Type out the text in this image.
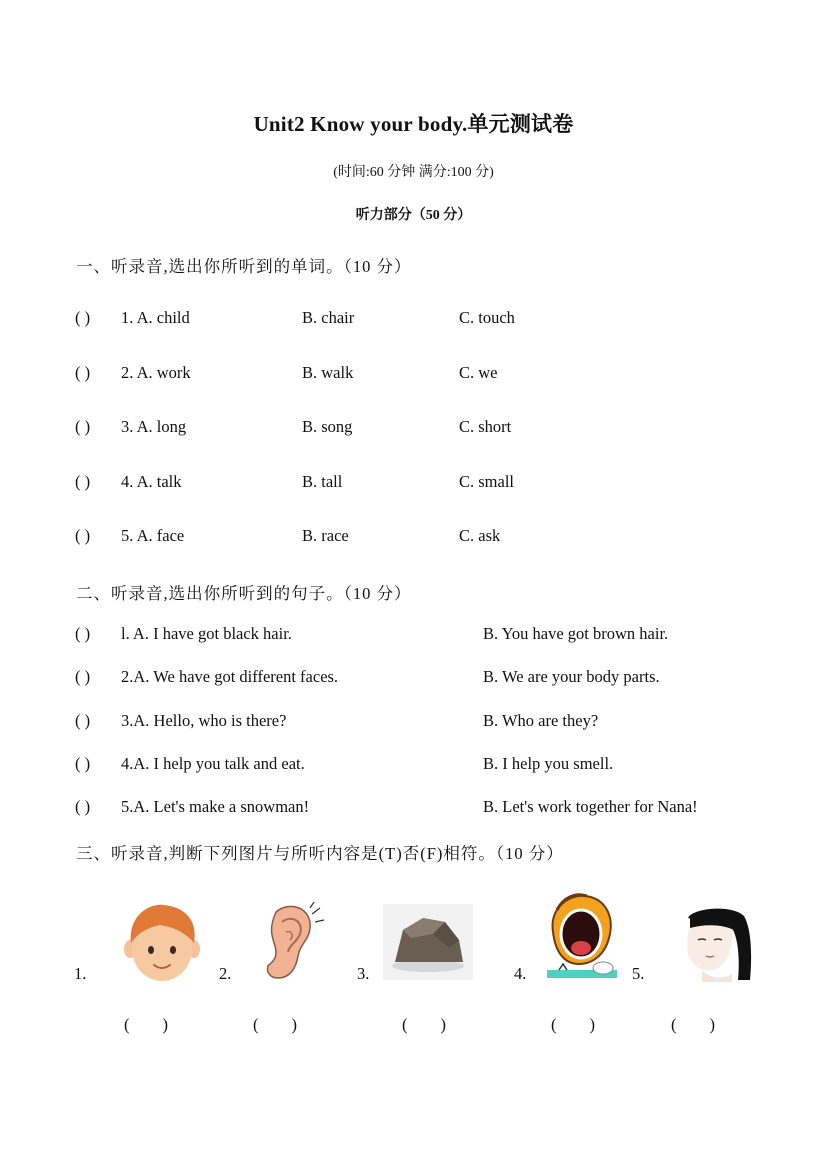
Unit2 Know your body.单元测试卷
(时间:60 分钟 满分:100 分)
听力部分（50 分）
一、听录音,选出你所听到的单词。（10 分）
( ) 1. A. child	B. chair	C. touch
( ) 2. A. work	B. walk	C. we
( ) 3. A. long	B. song	C. short
( ) 4. A. talk	B. tall	C. small
( ) 5. A. face	B. race	C. ask
二、听录音,选出你所听到的句子。（10 分）
( ) l. A. I have got black hair.	B. You have got brown hair.
( ) 2.A. We have got different faces.	B. We are your body parts.
( ) 3.A. Hello, who is there?	B. Who are they?
( ) 4.A. I help you talk and eat.	B. I help you smell.
( ) 5.A. Let's make a snowman!	B. Let's work together for Nana!
三、听录音,判断下列图片与所听内容是(T)否(F)相符。（10 分）
1.	2.	3.	4.	5.
(        )	(        )	(        )	(        )	(        )
